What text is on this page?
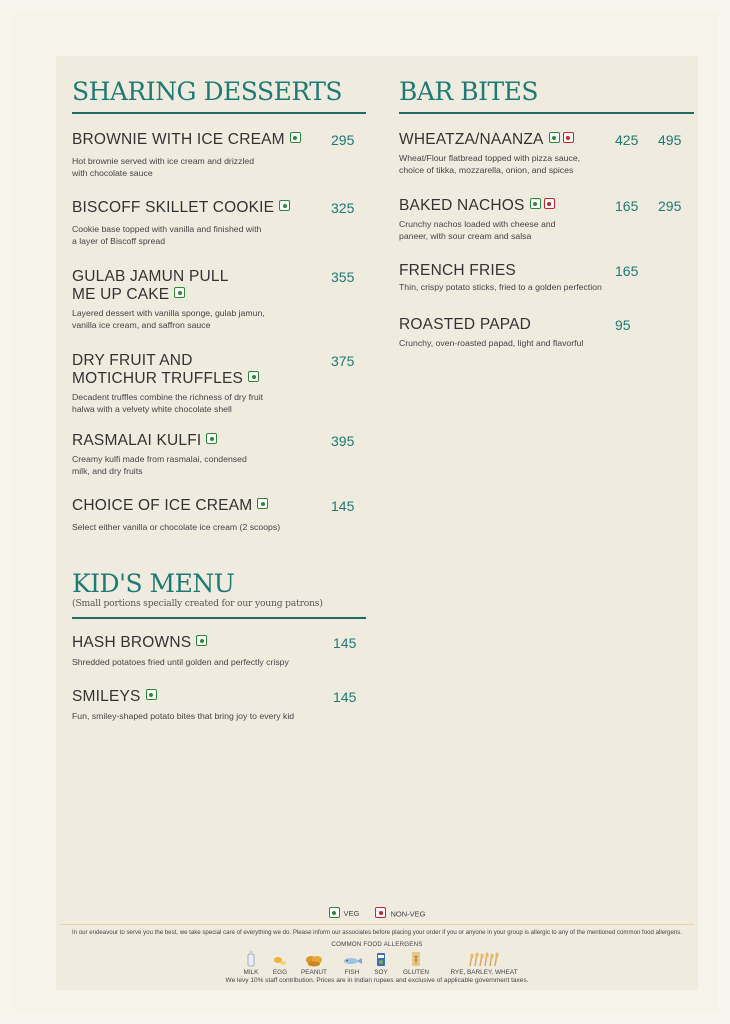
SHARING DESSERTS
BROWNIE WITH ICE CREAM	295
Hot brownie served with ice cream and drizzled
with chocolate sauce
BISCOFF SKILLET COOKIE	325
Cookie base topped with vanilla and finished with
a layer of Biscoff spread
GULAB JAMUN PULL
ME UP CAKE
355
Layered dessert with vanilla sponge, gulab jamun,
vanilla ice cream, and saffron sauce
DRY FRUIT AND
MOTICHUR TRUFFLES
375
Decadent truffles combine the richness of dry fruit
halwa with a velvety white chocolate shell
RASMALAI KULFI	395
Creamy kulfi made from rasmalai, condensed
milk, and dry fruits
CHOICE OF ICE CREAM	145
Select either vanilla or chocolate ice cream (2 scoops)
KID'S MENU
(Small portions specially created for our young patrons)
HASH BROWNS	145
Shredded potatoes fried until golden and perfectly crispy
SMILEYS	145
Fun, smiley-shaped potato bites that bring joy to every kid
BAR BITES
WHEATZA/NAANZA	425 495
Wheat/Flour flatbread topped with pizza sauce,
choice of tikka, mozzarella, onion, and spices
BAKED NACHOS	165 295
Crunchy nachos loaded with cheese and
paneer, with sour cream and salsa
FRENCH FRIES	165
Thin, crispy potato sticks, fried to a golden perfection
ROASTED PAPAD	95
Crunchy, oven-roasted papad, light and flavorful
VEG	NON-VEG
In our endeavour to serve you the best, we take special care of everything we do. Please inform our associates before placing your order if you or anyone in your group is allergic to any of the mentioned common food allergens.
COMMON FOOD ALLERGENS
MILK	EGG	PEANUT	FISH	SOY	GLUTEN	RYE, BARLEY, WHEAT
We levy 10% staff contribution. Prices are in Indian rupees and exclusive of applicable government taxes.
